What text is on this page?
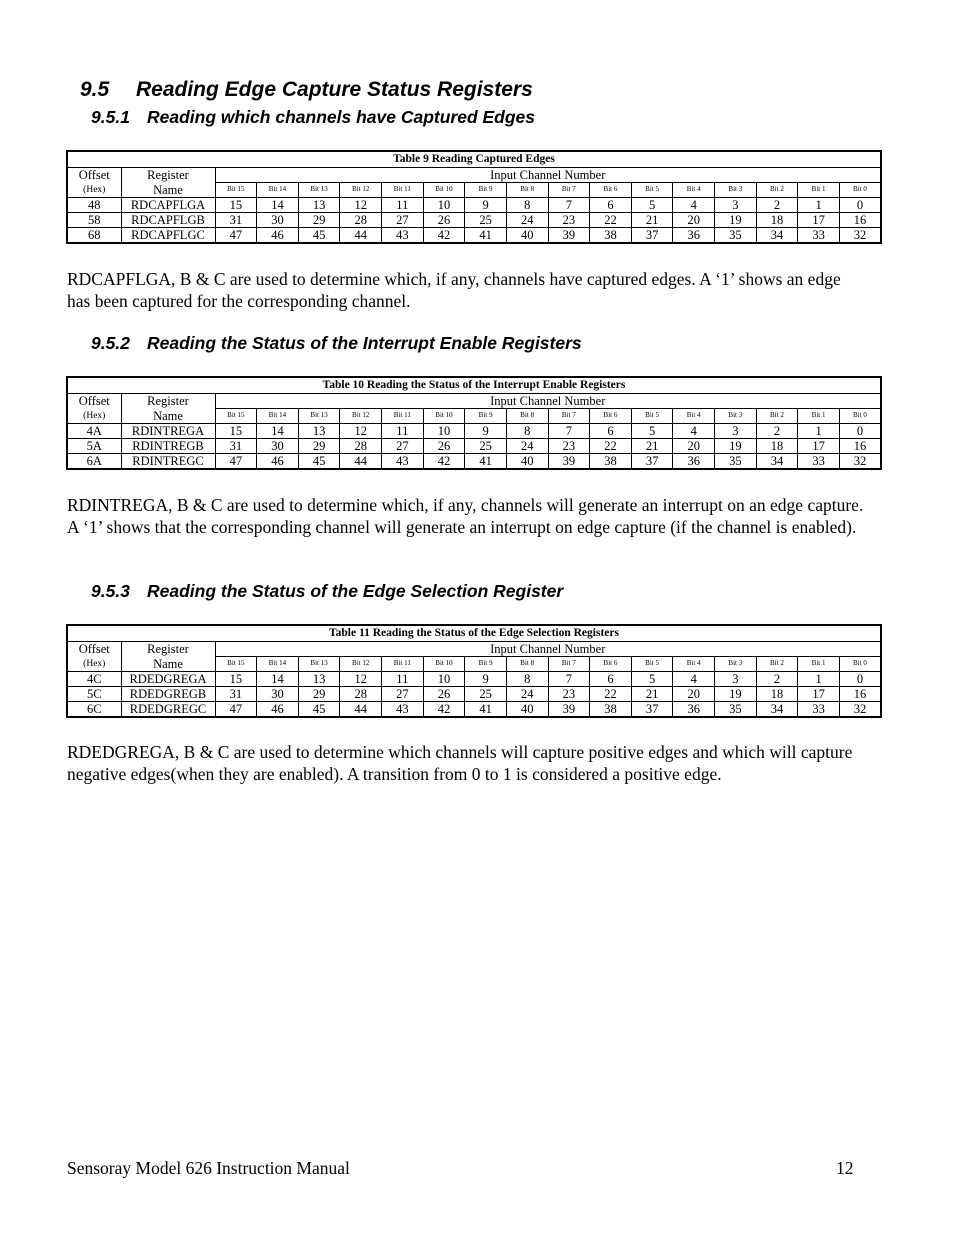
9.5 Reading Edge Capture Status Registers
9.5.1 Reading which channels have Captured Edges
Table 9 Reading Captured Edges																	
Offset	Register	Input Channel Number															
(Hex)	Name	Bit 15	Bit 14	Bit 13	Bit 12	Bit 11	Bit 10	Bit 9	Bit 8	Bit 7	Bit 6	Bit 5	Bit 4	Bit 3	Bit 2	Bit 1	Bit 0
48	RDCAPFLGA	15	14	13	12	11	10	9	8	7	6	5	4	3	2	1	0
58	RDCAPFLGB	31	30	29	28	27	26	25	24	23	22	21	20	19	18	17	16
68	RDCAPFLGC	47	46	45	44	43	42	41	40	39	38	37	36	35	34	33	32
RDCAPFLGA, B & C are used to determine which, if any, channels have captured edges. A ‘1’ shows an edge has been captured for the corresponding channel.
9.5.2 Reading the Status of the Interrupt Enable Registers
Table 10 Reading the Status of the Interrupt Enable Registers																	
Offset	Register	Input Channel Number															
(Hex)	Name	Bit 15	Bit 14	Bit 13	Bit 12	Bit 11	Bit 10	Bit 9	Bit 8	Bit 7	Bit 6	Bit 5	Bit 4	Bit 3	Bit 2	Bit 1	Bit 0
4A	RDINTREGA	15	14	13	12	11	10	9	8	7	6	5	4	3	2	1	0
5A	RDINTREGB	31	30	29	28	27	26	25	24	23	22	21	20	19	18	17	16
6A	RDINTREGC	47	46	45	44	43	42	41	40	39	38	37	36	35	34	33	32
RDINTREGA, B & C are used to determine which, if any, channels will generate an interrupt on an edge capture. A ‘1’ shows that the corresponding channel will generate an interrupt on edge capture (if the channel is enabled).
9.5.3 Reading the Status of the Edge Selection Register
Table 11 Reading the Status of the Edge Selection Registers																	
Offset	Register	Input Channel Number															
(Hex)	Name	Bit 15	Bit 14	Bit 13	Bit 12	Bit 11	Bit 10	Bit 9	Bit 8	Bit 7	Bit 6	Bit 5	Bit 4	Bit 3	Bit 2	Bit 1	Bit 0
4C	RDEDGREGA	15	14	13	12	11	10	9	8	7	6	5	4	3	2	1	0
5C	RDEDGREGB	31	30	29	28	27	26	25	24	23	22	21	20	19	18	17	16
6C	RDEDGREGC	47	46	45	44	43	42	41	40	39	38	37	36	35	34	33	32
RDEDGREGA, B & C are used to determine which channels will capture positive edges and which will capture negative edges(when they are enabled). A transition from 0 to 1 is considered a positive edge.
Sensoray Model 626 Instruction Manual	12
